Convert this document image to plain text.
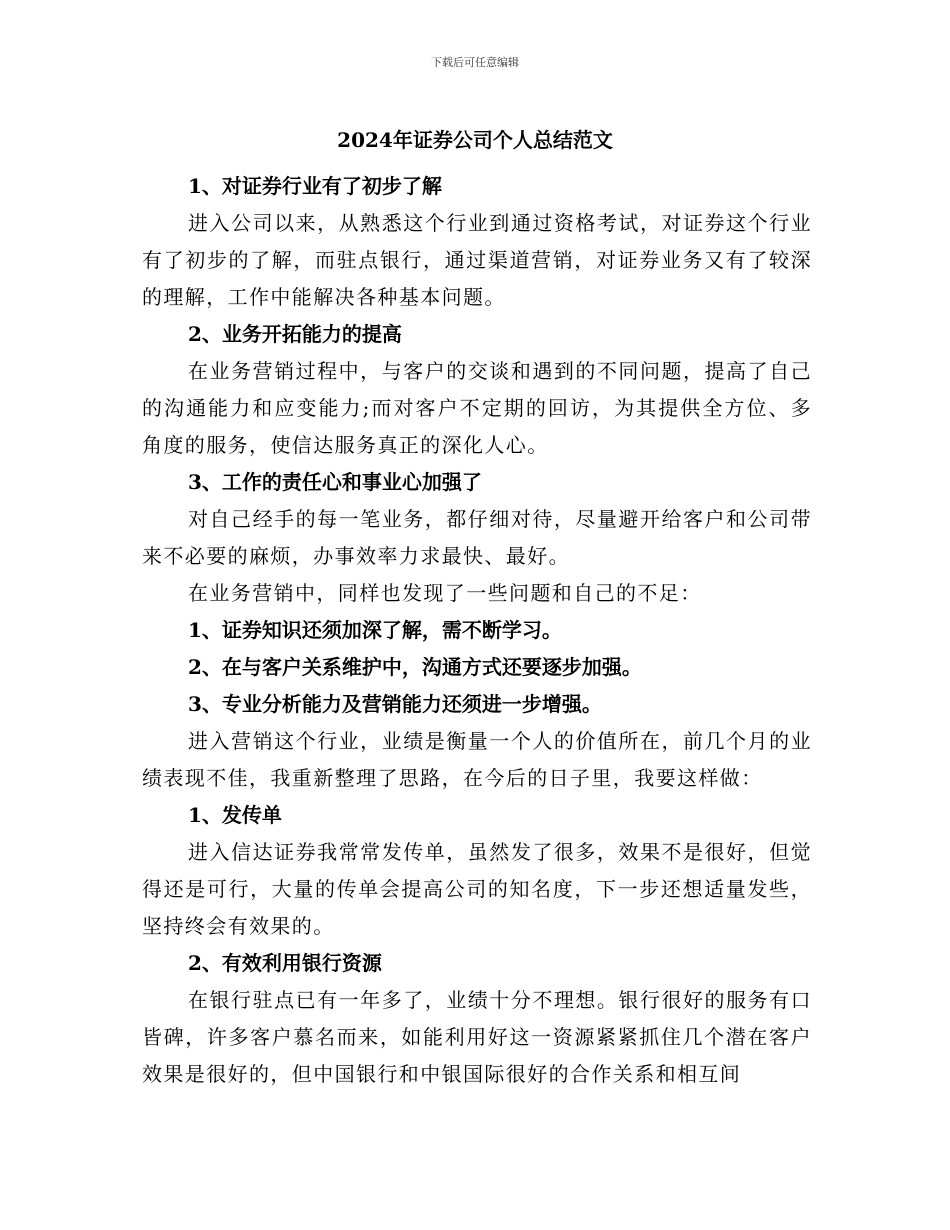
下载后可任意编辑
2024年证券公司个人总结范文

1、对证券行业有了初步了解

进入公司以来，从熟悉这个行业到通过资格考试，对证券这个行业有了初步的了解，而驻点银行，通过渠道营销，对证券业务又有了较深的理解，工作中能解决各种基本问题。

2、业务开拓能力的提高

在业务营销过程中，与客户的交谈和遇到的不同问题，提高了自己的沟通能力和应变能力;而对客户不定期的回访，为其提供全方位、多角度的服务，使信达服务真正的深化人心。

3、工作的责任心和事业心加强了

对自己经手的每一笔业务，都仔细对待，尽量避开给客户和公司带来不必要的麻烦，办事效率力求最快、最好。

在业务营销中，同样也发现了一些问题和自己的不足：

1、证券知识还须加深了解，需不断学习。

2、在与客户关系维护中，沟通方式还要逐步加强。

3、专业分析能力及营销能力还须进一步增强。

进入营销这个行业，业绩是衡量一个人的价值所在，前几个月的业绩表现不佳，我重新整理了思路，在今后的日子里，我要这样做：

1、发传单

进入信达证券我常常发传单，虽然发了很多，效果不是很好，但觉得还是可行，大量的传单会提高公司的知名度，下一步还想适量发些，坚持终会有效果的。

2、有效利用银行资源

在银行驻点已有一年多了，业绩十分不理想。银行很好的服务有口皆碑，许多客户慕名而来，如能利用好这一资源紧紧抓住几个潜在客户效果是很好的，但中国银行和中银国际很好的合作关系和相互间
